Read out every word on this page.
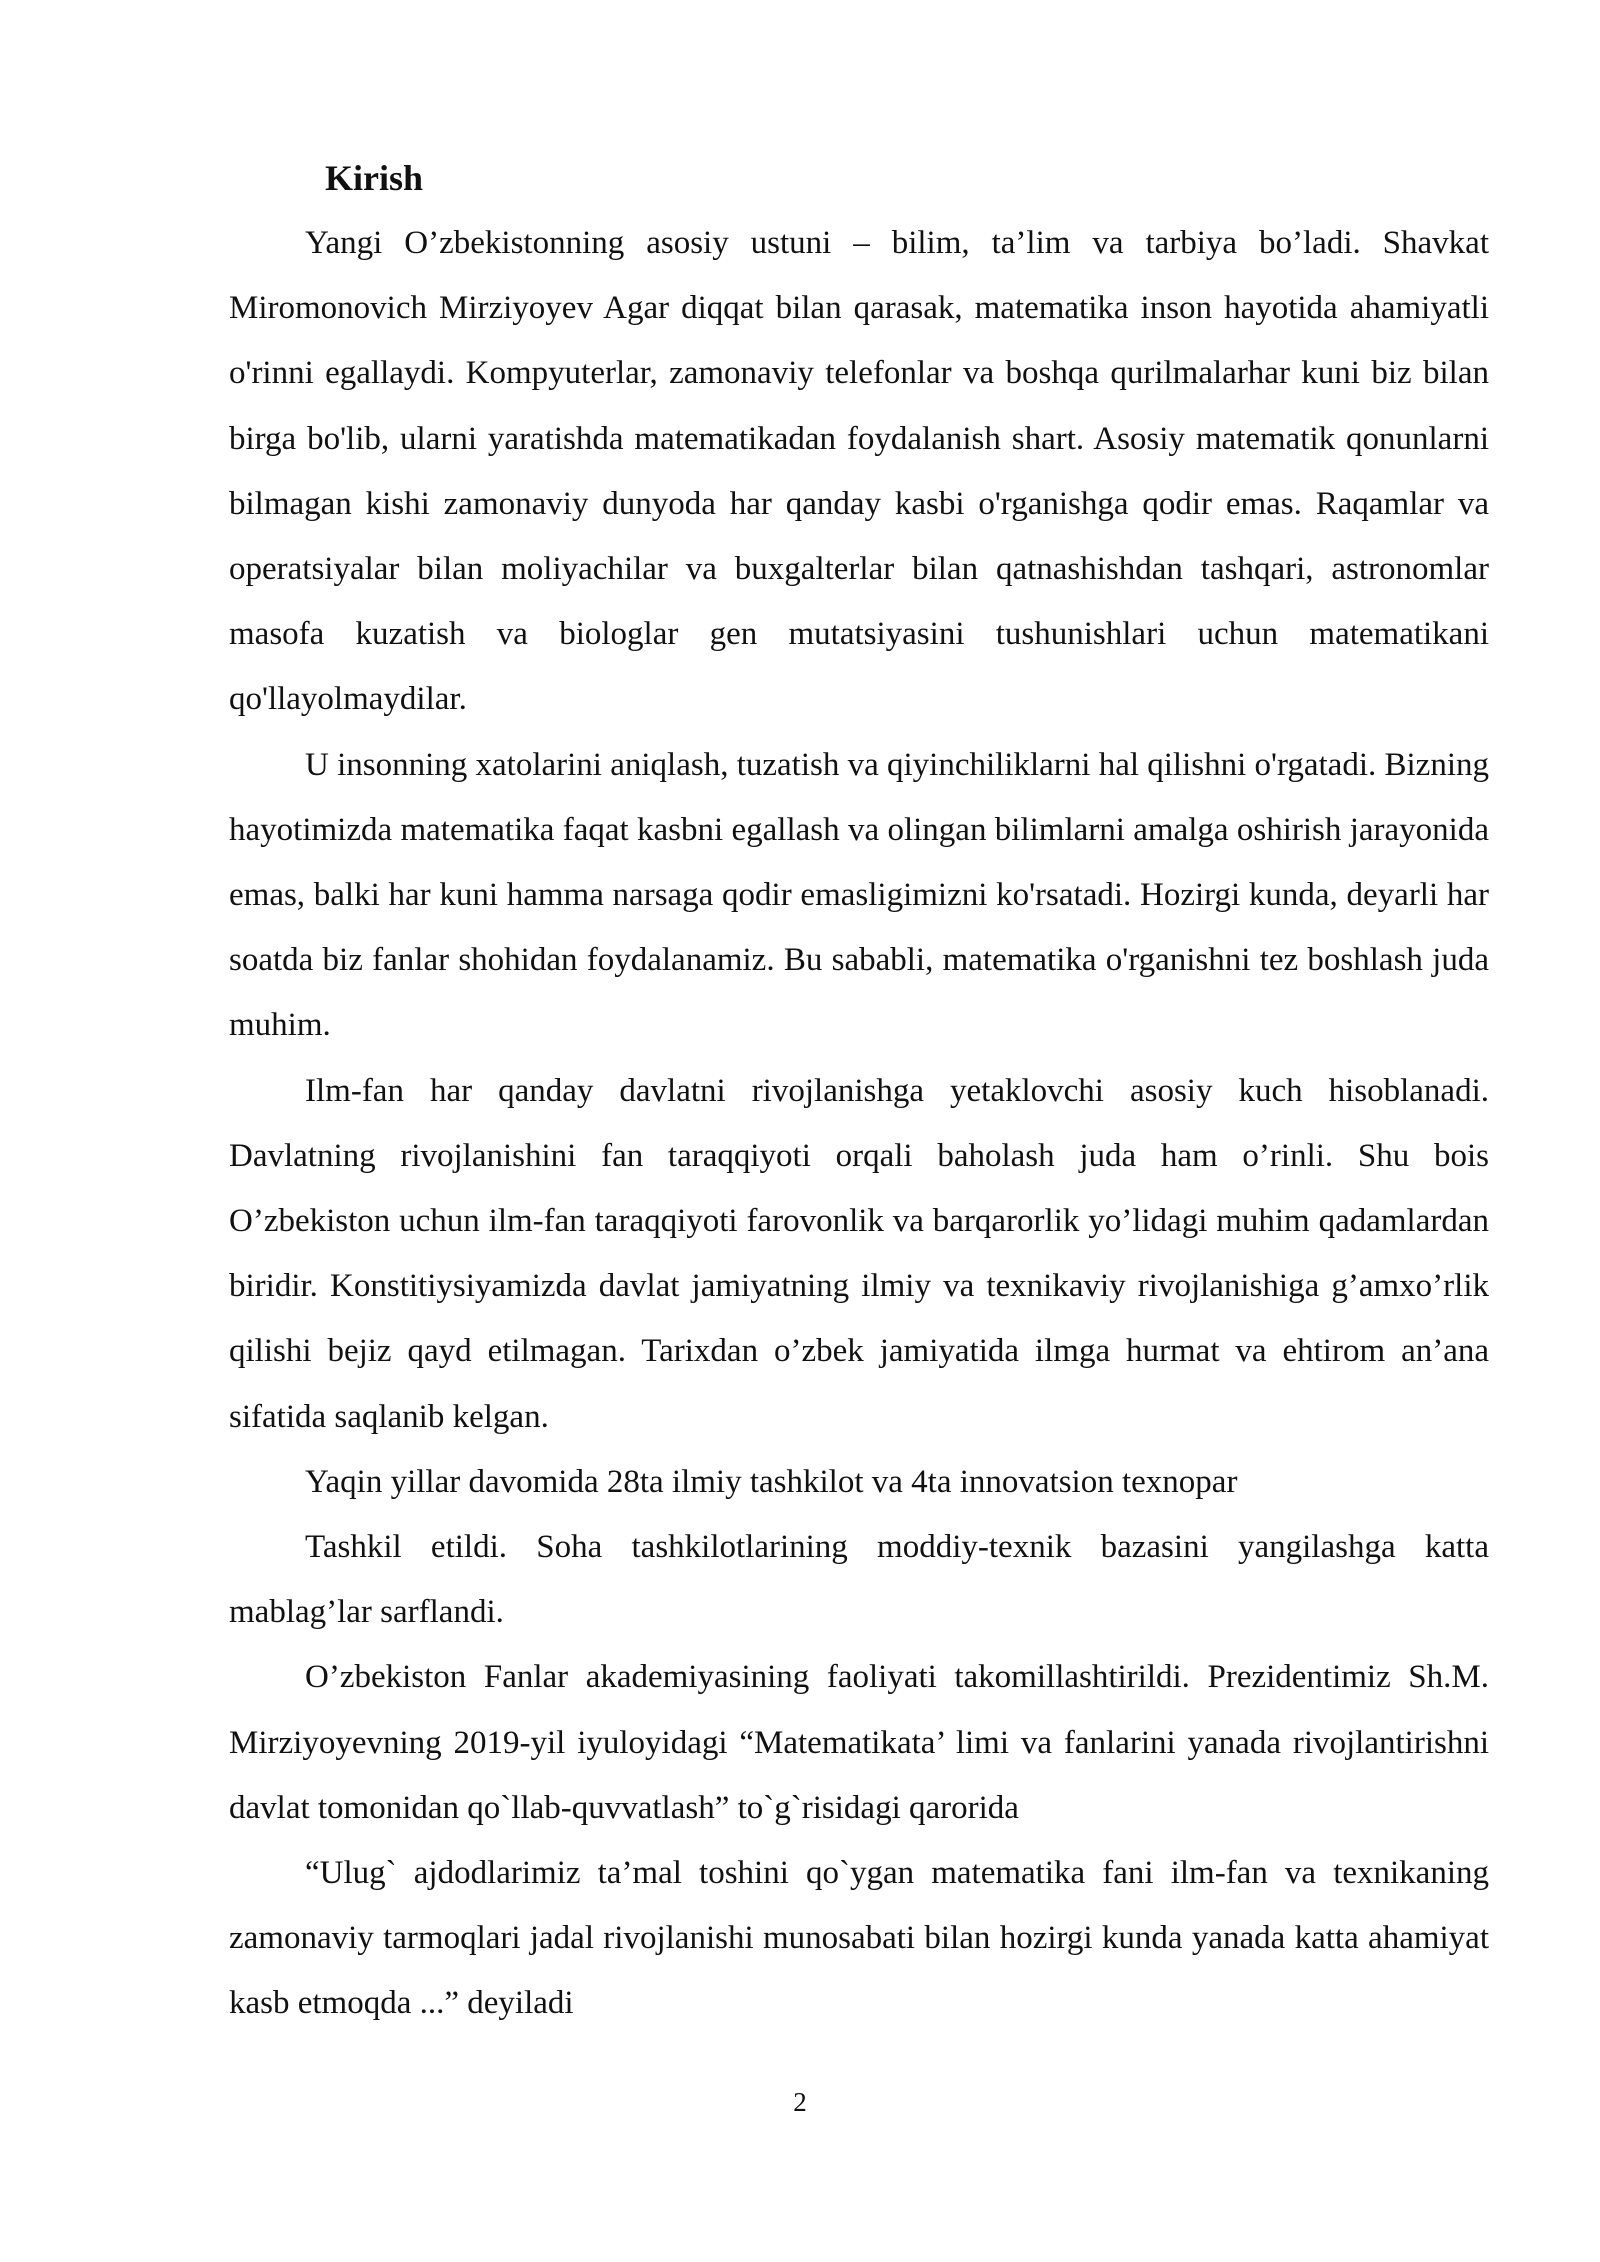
Kirish

Yangi O’zbekistonning asosiy ustuni – bilim, ta’lim va tarbiya bo’ladi. Shavkat Miromonovich Mirziyoyev Agar diqqat bilan qarasak, matematika inson hayotida ahamiyatli o'rinni egallaydi. Kompyuterlar, zamonaviy telefonlar va boshqa qurilmalarhar kuni biz bilan birga bo'lib, ularni yaratishda matematikadan foydalanish shart. Asosiy matematik qonunlarni bilmagan kishi zamonaviy dunyoda har qanday kasbi o'rganishga qodir emas. Raqamlar va operatsiyalar bilan moliyachilar va buxgalterlar bilan qatnashishdan tashqari, astronomlar masofa kuzatish va biologlar gen mutatsiyasini tushunishlari uchun matematikani qo'llayolmaydilar.

U insonning xatolarini aniqlash, tuzatish va qiyinchiliklarni hal qilishni o'rgatadi. Bizning hayotimizda matematika faqat kasbni egallash va olingan bilimlarni amalga oshirish jarayonida emas, balki har kuni hamma narsaga qodir emasligimizni ko'rsatadi. Hozirgi kunda, deyarli har soatda biz fanlar shohidan foydalanamiz. Bu sababli, matematika o'rganishni tez boshlash juda muhim.

Ilm-fan har qanday davlatni rivojlanishga yetaklovchi asosiy kuch hisoblanadi. Davlatning rivojlanishini fan taraqqiyoti orqali baholash juda ham o’rinli. Shu bois O’zbekiston uchun ilm-fan taraqqiyoti farovonlik va barqarorlik yo’lidagi muhim qadamlardan biridir. Konstitiysiyamizda davlat jamiyatning ilmiy va texnikaviy rivojlanishiga g’amxo’rlik qilishi bejiz qayd etilmagan. Tarixdan o’zbek jamiyatida ilmga hurmat va ehtirom an’ana sifatida saqlanib kelgan.

Yaqin yillar davomida 28ta ilmiy tashkilot va 4ta innovatsion texnopar

Tashkil etildi. Soha tashkilotlarining moddiy-texnik bazasini yangilashga katta mablag’lar sarflandi.

O’zbekiston Fanlar akademiyasining faoliyati takomillashtirildi. Prezidentimiz Sh.M. Mirziyoyevning 2019-yil iyuloyidagi “Matematikata’ limi va fanlarini yanada rivojlantirishni davlat tomonidan qo`llab-quvvatlash” to`g`risidagi qarorida

“Ulug` ajdodlarimiz ta’mal toshini qo`ygan matematika fani ilm-fan va texnikaning zamonaviy tarmoqlari jadal rivojlanishi munosabati bilan hozirgi kunda yanada katta ahamiyat kasb etmoqda ...” deyiladi

2
